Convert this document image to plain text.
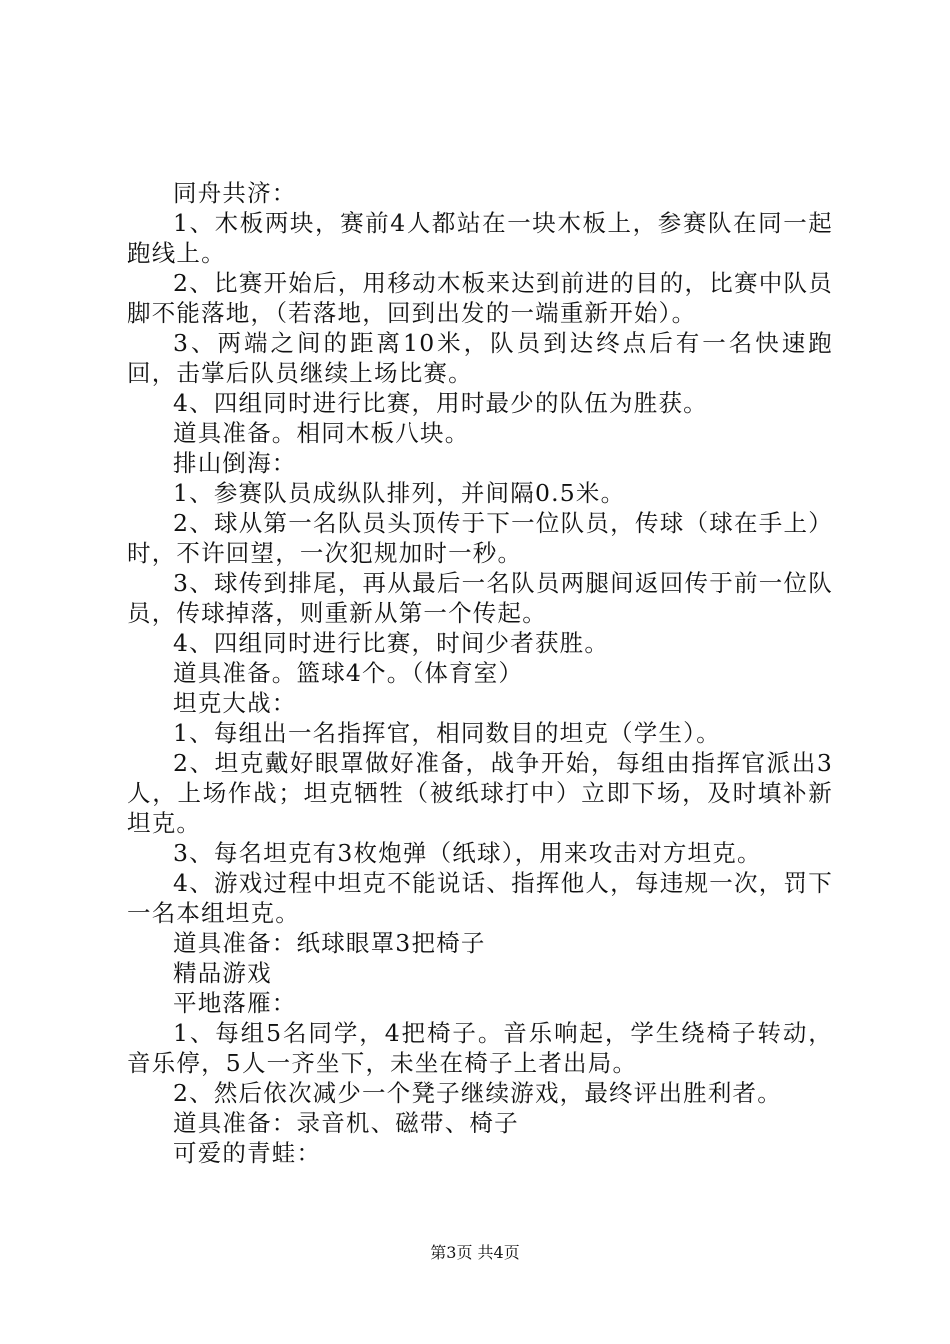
同舟共济：

1、木板两块，赛前4人都站在一块木板上，参赛队在同一起跑线上。

2、比赛开始后，用移动木板来达到前进的目的，比赛中队员脚不能落地，（若落地，回到出发的一端重新开始）。

3、两端之间的距离10米，队员到达终点后有一名快速跑回，击掌后队员继续上场比赛。

4、四组同时进行比赛，用时最少的队伍为胜获。

道具准备。相同木板八块。

排山倒海：

1、参赛队员成纵队排列，并间隔0.5米。

2、球从第一名队员头顶传于下一位队员，传球（球在手上）时，不许回望，一次犯规加时一秒。

3、球传到排尾，再从最后一名队员两腿间返回传于前一位队员，传球掉落，则重新从第一个传起。

4、四组同时进行比赛，时间少者获胜。

道具准备。篮球4个。（体育室）

坦克大战：

1、每组出一名指挥官，相同数目的坦克（学生）。

2、坦克戴好眼罩做好准备，战争开始，每组由指挥官派出3人，上场作战；坦克牺牲（被纸球打中）立即下场，及时填补新坦克。

3、每名坦克有3枚炮弹（纸球），用来攻击对方坦克。

4、游戏过程中坦克不能说话、指挥他人，每违规一次，罚下一名本组坦克。

道具准备：纸球眼罩3把椅子

精品游戏

平地落雁：

1、每组5名同学，4把椅子。音乐响起，学生绕椅子转动，音乐停，5人一齐坐下，未坐在椅子上者出局。

2、然后依次减少一个凳子继续游戏，最终评出胜利者。

道具准备：录音机、磁带、椅子

可爱的青蛙：

第3页 共4页
